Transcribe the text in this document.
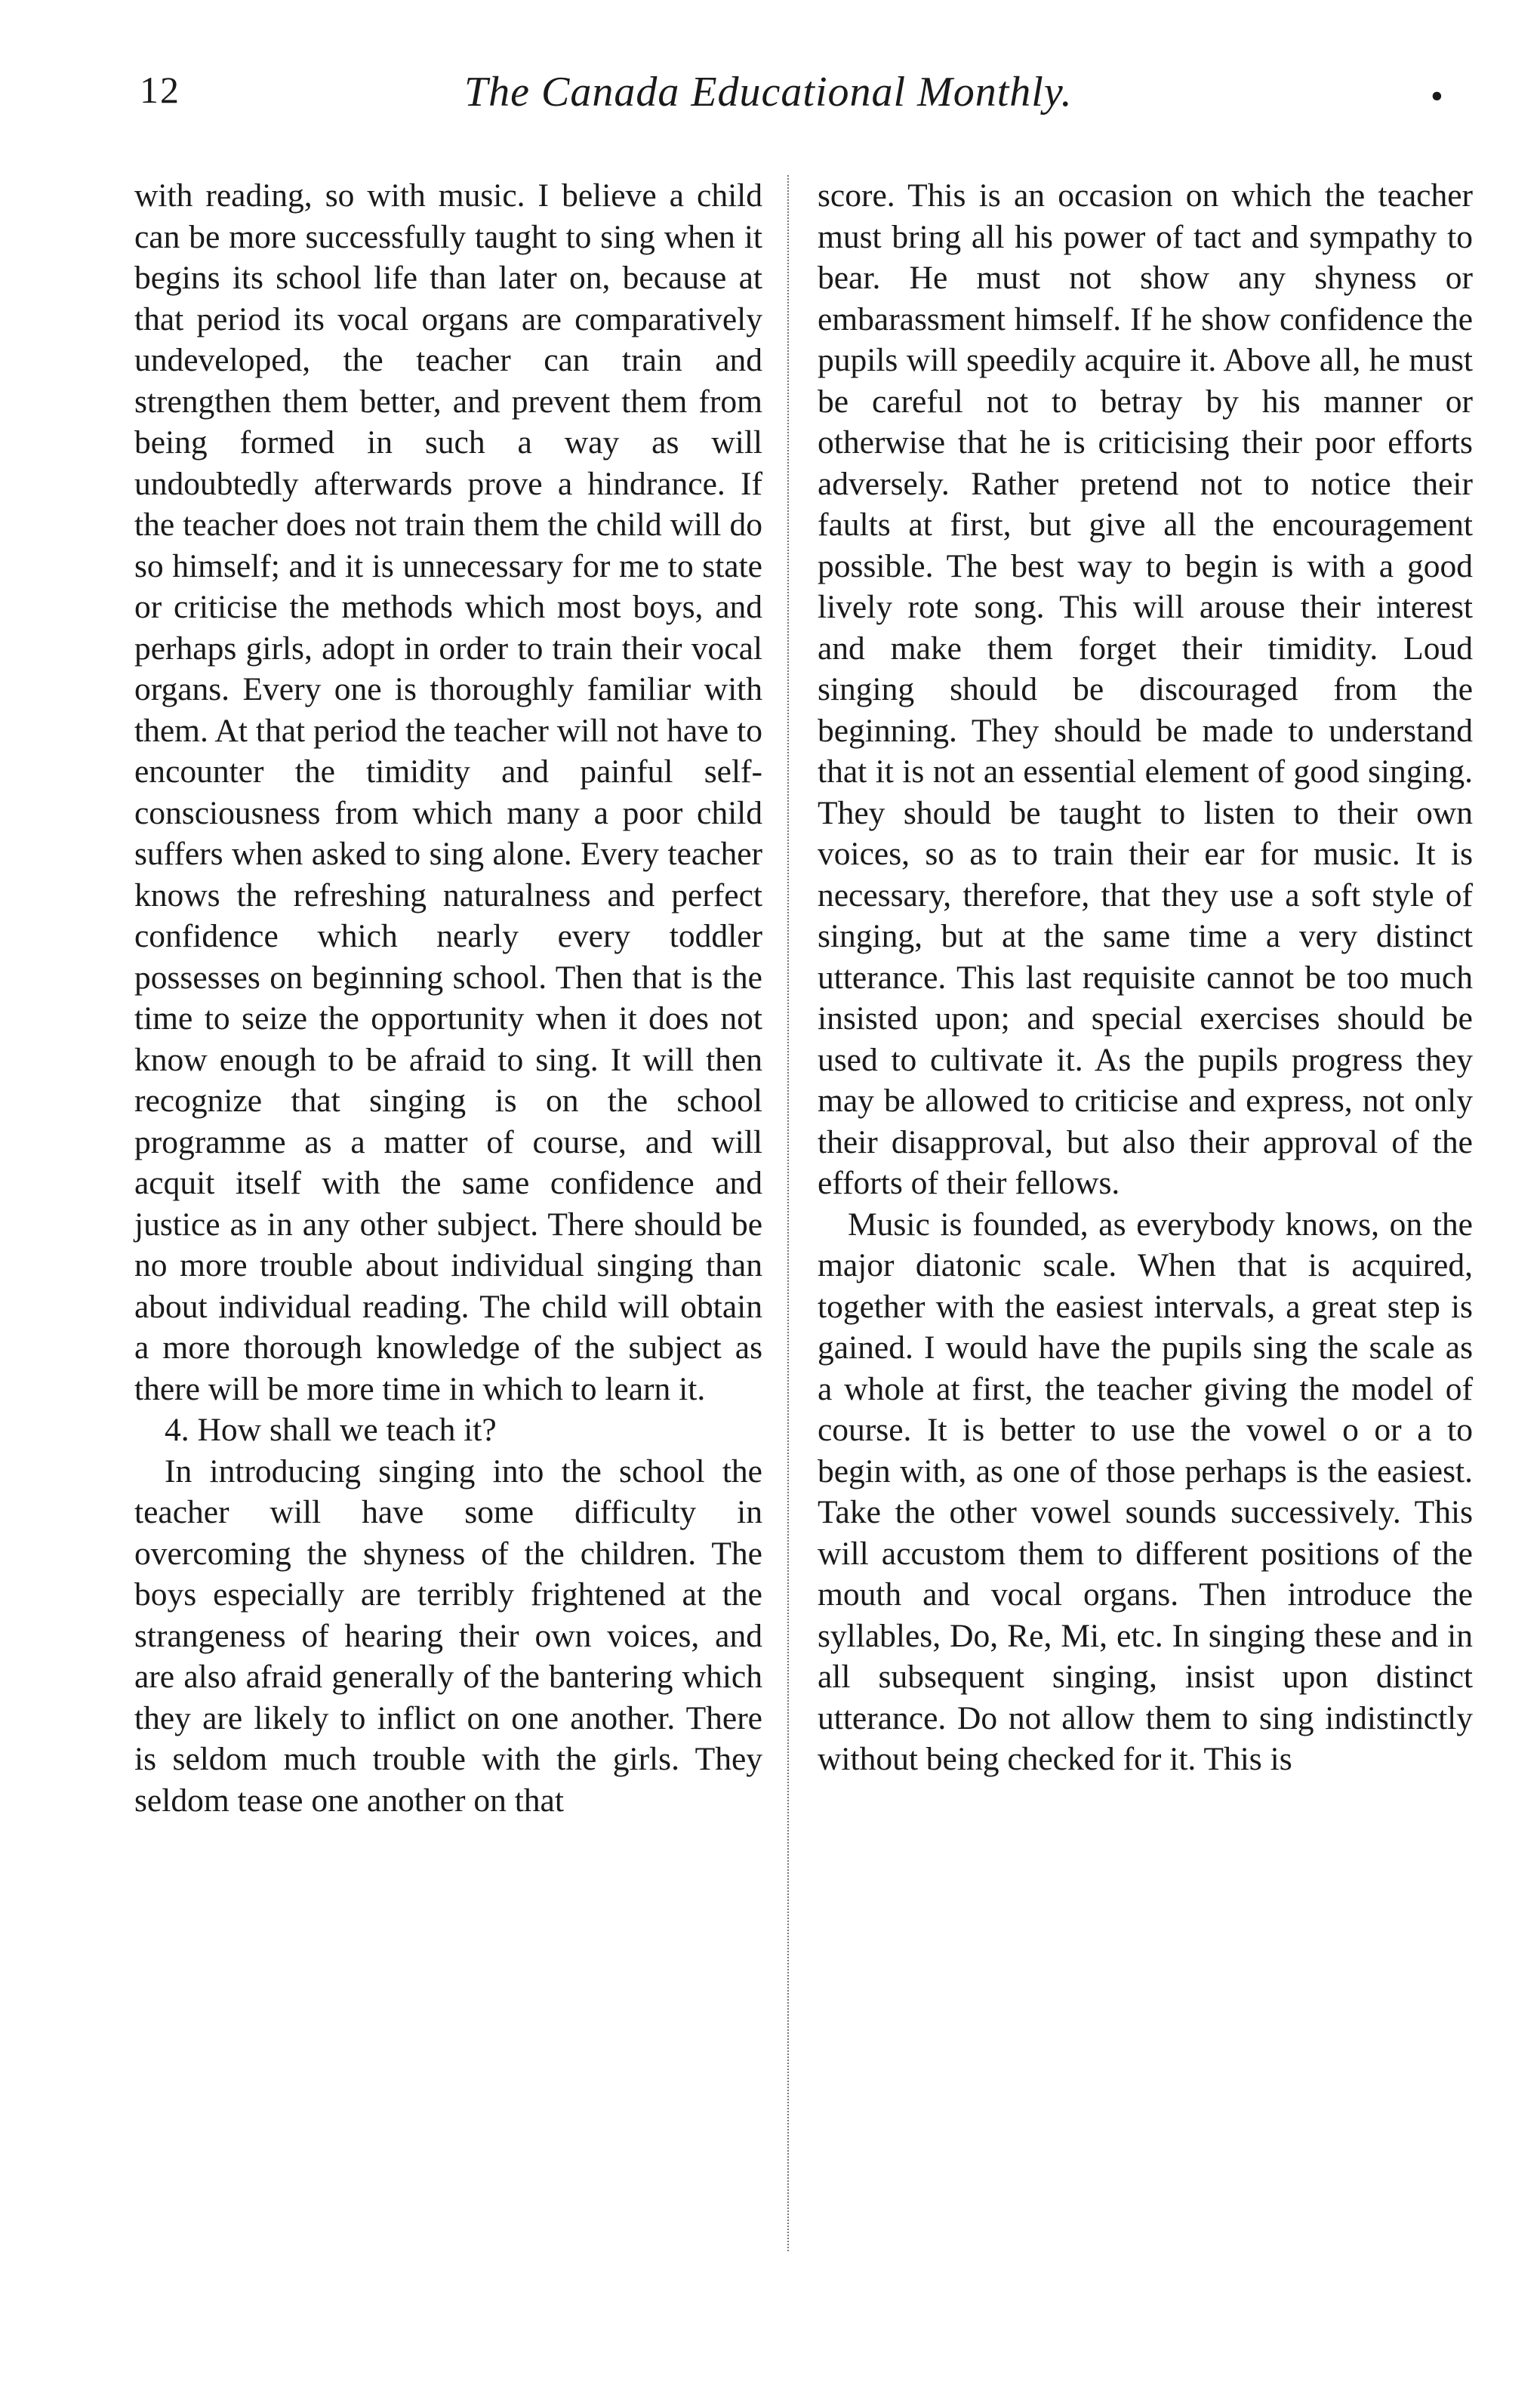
12	The Canada Educational Monthly.	•

with reading, so with music. I believe a child can be more successfully taught to sing when it begins its school life than later on, because at that period its vocal organs are comparatively undeveloped, the teacher can train and strengthen them better, and prevent them from being formed in such a way as will undoubtedly afterwards prove a hindrance. If the teacher does not train them the child will do so himself; and it is unnecessary for me to state or criticise the methods which most boys, and perhaps girls, adopt in order to train their vocal organs. Every one is thoroughly familiar with them. At that period the teacher will not have to encounter the timidity and painful self-consciousness from which many a poor child suffers when asked to sing alone. Every teacher knows the refreshing naturalness and perfect confidence which nearly every toddler possesses on beginning school. Then that is the time to seize the opportunity when it does not know enough to be afraid to sing. It will then recognize that singing is on the school programme as a matter of course, and will acquit itself with the same confidence and justice as in any other subject. There should be no more trouble about individual singing than about individual reading. The child will obtain a more thorough knowledge of the subject as there will be more time in which to learn it.

4. How shall we teach it?

In introducing singing into the school the teacher will have some difficulty in overcoming the shyness of the children. The boys especially are terribly frightened at the strangeness of hearing their own voices, and are also afraid generally of the bantering which they are likely to inflict on one another. There is seldom much trouble with the girls. They seldom tease one another on that

score. This is an occasion on which the teacher must bring all his power of tact and sympathy to bear. He must not show any shyness or embarassment himself. If he show confidence the pupils will speedily acquire it. Above all, he must be careful not to betray by his manner or otherwise that he is criticising their poor efforts adversely. Rather pretend not to notice their faults at first, but give all the encouragement possible. The best way to begin is with a good lively rote song. This will arouse their interest and make them forget their timidity. Loud singing should be discouraged from the beginning. They should be made to understand that it is not an essential element of good singing. They should be taught to listen to their own voices, so as to train their ear for music. It is necessary, therefore, that they use a soft style of singing, but at the same time a very distinct utterance. This last requisite cannot be too much insisted upon; and special exercises should be used to cultivate it. As the pupils progress they may be allowed to criticise and express, not only their disapproval, but also their approval of the efforts of their fellows.

Music is founded, as everybody knows, on the major diatonic scale. When that is acquired, together with the easiest intervals, a great step is gained. I would have the pupils sing the scale as a whole at first, the teacher giving the model of course. It is better to use the vowel o or a to begin with, as one of those perhaps is the easiest. Take the other vowel sounds successively. This will accustom them to different positions of the mouth and vocal organs. Then introduce the syllables, Do, Re, Mi, etc. In singing these and in all subsequent singing, insist upon distinct utterance. Do not allow them to sing indistinctly without being checked for it. This is
